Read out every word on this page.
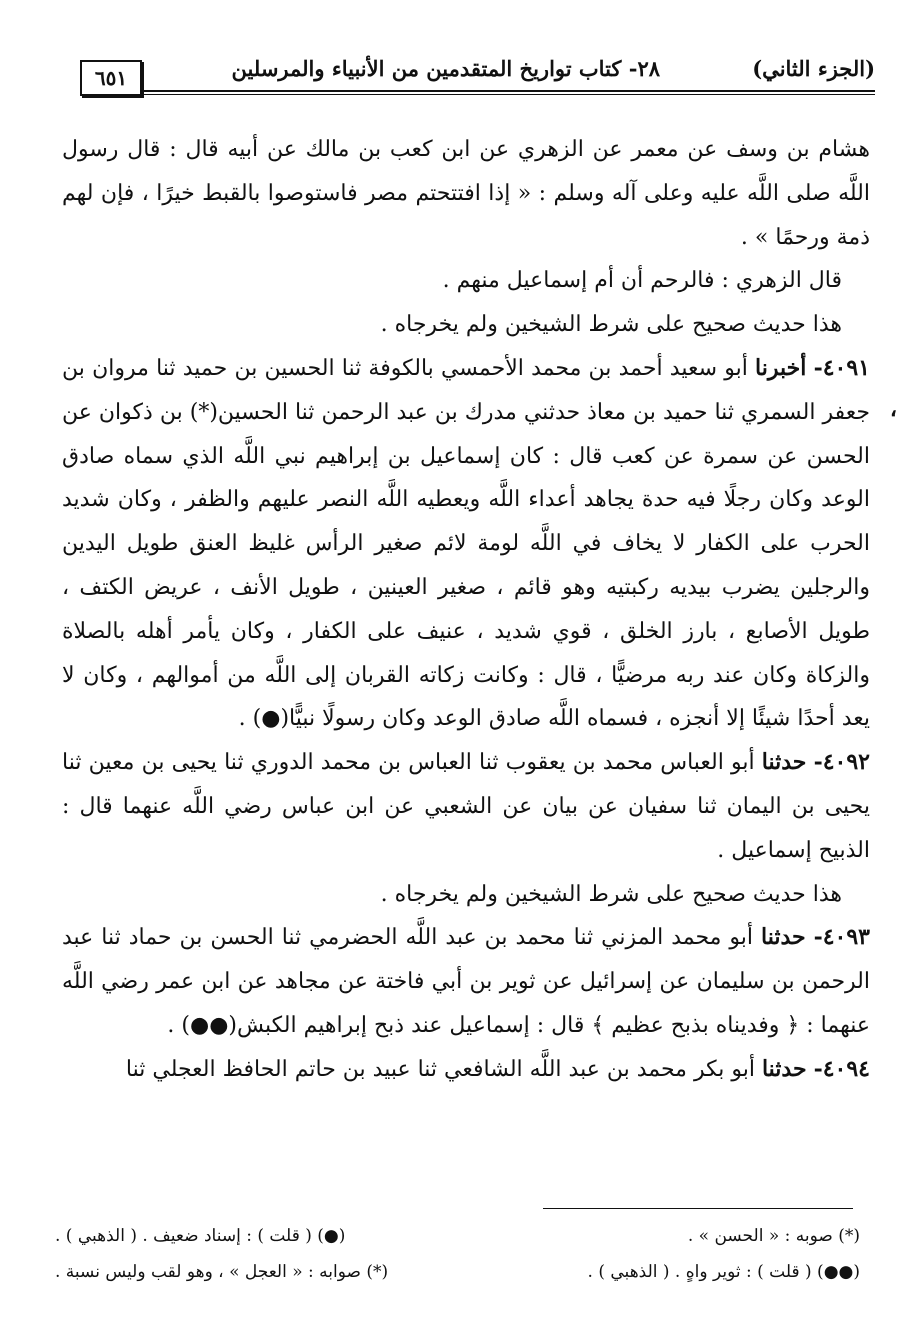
(الجزء الثاني)
٢٨- كتاب تواريخ المتقدمين من الأنبياء والمرسلين
٦٥١
،

هشام بن وسف عن معمر عن الزهري عن ابن كعب بن مالك عن أبيه قال : قال رسول اللَّه صلى اللَّه عليه وعلى آله وسلم : « إذا افتتحتم مصر فاستوصوا بالقبط خيرًا ، فإن لهم ذمة ورحمًا » .

قال الزهري : فالرحم أن أم إسماعيل منهم .

هذا حديث صحيح على شرط الشيخين ولم يخرجاه .

٤٠٩١- أخبرنا أبو سعيد أحمد بن محمد الأحمسي بالكوفة ثنا الحسين بن حميد ثنا مروان بن جعفر السمري ثنا حميد بن معاذ حدثني مدرك بن عبد الرحمن ثنا الحسين(*) بن ذكوان عن الحسن عن سمرة عن كعب قال : كان إسماعيل بن إبراهيم نبي اللَّه الذي سماه صادق الوعد وكان رجلًا فيه حدة يجاهد أعداء اللَّه ويعطيه اللَّه النصر عليهم والظفر ، وكان شديد الحرب على الكفار لا يخاف في اللَّه لومة لائم صغير الرأس غليظ العنق طويل اليدين والرجلين يضرب بيديه ركبتيه وهو قائم ، صغير العينين ، طويل الأنف ، عريض الكتف ، طويل الأصابع ، بارز الخلق ، قوي شديد ، عنيف على الكفار ، وكان يأمر أهله بالصلاة والزكاة وكان عند ربه مرضيًّا ، قال : وكانت زكاته القربان إلى اللَّه من أموالهم ، وكان لا يعد أحدًا شيئًا إلا أنجزه ، فسماه اللَّه صادق الوعد وكان رسولًا نبيًّا(●) .

٤٠٩٢- حدثنا أبو العباس محمد بن يعقوب ثنا العباس بن محمد الدوري ثنا يحيى بن معين ثنا يحيى بن اليمان ثنا سفيان عن بيان عن الشعبي عن ابن عباس رضي اللَّه عنهما قال : الذبيح إسماعيل .

هذا حديث صحيح على شرط الشيخين ولم يخرجاه .

٤٠٩٣- حدثنا أبو محمد المزني ثنا محمد بن عبد اللَّه الحضرمي ثنا الحسن بن حماد ثنا عبد الرحمن بن سليمان عن إسرائيل عن ثوير بن أبي فاختة عن مجاهد عن ابن عمر رضي اللَّه عنهما : ﴿ وفديناه بذبح عظيم ﴾ قال : إسماعيل عند ذبح إبراهيم الكبش(●●) .

٤٠٩٤- حدثنا أبو بكر محمد بن عبد اللَّه الشافعي ثنا عبيد بن حاتم الحافظ العجلي ثنا

(*) صوبه : « الحسن » .
(●) ( قلت ) : إسناد ضعيف . ( الذهبي ) .
(●●) ( قلت ) : ثوير واهٍ . ( الذهبي ) .
(*) صوابه : « العجل » ، وهو لقب وليس نسبة .
